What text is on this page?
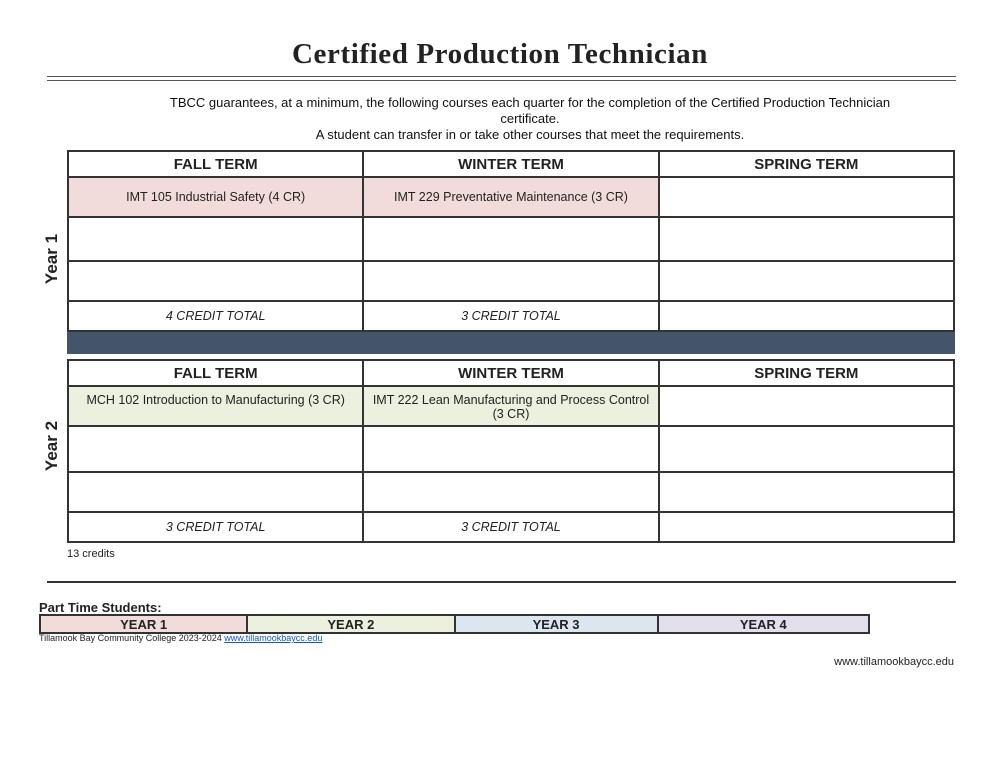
Certified Production Technician
TBCC guarantees, at a minimum, the following courses each quarter for the completion of the Certified Production Technician
certificate.
A student can transfer in or take other courses that meet the requirements.
Year 1
FALL TERM	WINTER TERM	SPRING TERM
IMT 105 Industrial Safety (4 CR)	IMT 229 Preventative Maintenance (3 CR)	

4 CREDIT TOTAL	3 CREDIT TOTAL	
Year 2
FALL TERM	WINTER TERM	SPRING TERM
MCH 102 Introduction to Manufacturing (3 CR)	IMT 222 Lean Manufacturing and Process Control (3 CR)	

3 CREDIT TOTAL	3 CREDIT TOTAL	
13 credits
Part Time Students:
YEAR 1	YEAR 2	YEAR 3	YEAR 4
Tillamook Bay Community College 2023-2024 www.tillamookbaycc.edu
www.tillamookbaycc.edu
